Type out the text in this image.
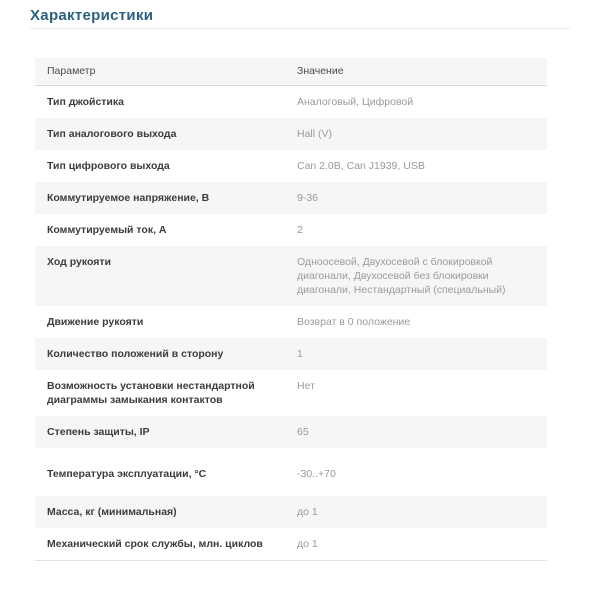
Характеристики
Параметр	Значение
Тип джойстика	Аналоговый, Цифровой
Тип аналогового выхода	Hall (V)
Тип цифрового выхода	Can 2.0B, Can J1939, USB
Коммутируемое напряжение, В	9-36
Коммутируемый ток, А	2
Ход рукояти	Одноосевой, Двухосевой с блокировкой диагонали, Двухосевой без блокировки диагонали, Нестандартный (специальный)
Движение рукояти	Возврат в 0 положение
Количество положений в сторону	1
Возможность установки нестандартной диаграммы замыкания контактов	Нет
Степень защиты, IP	65
Температура эксплуатации, °C	-30..+70
Масса, кг (минимальная)	до 1
Механический срок службы, млн. циклов	до 1
